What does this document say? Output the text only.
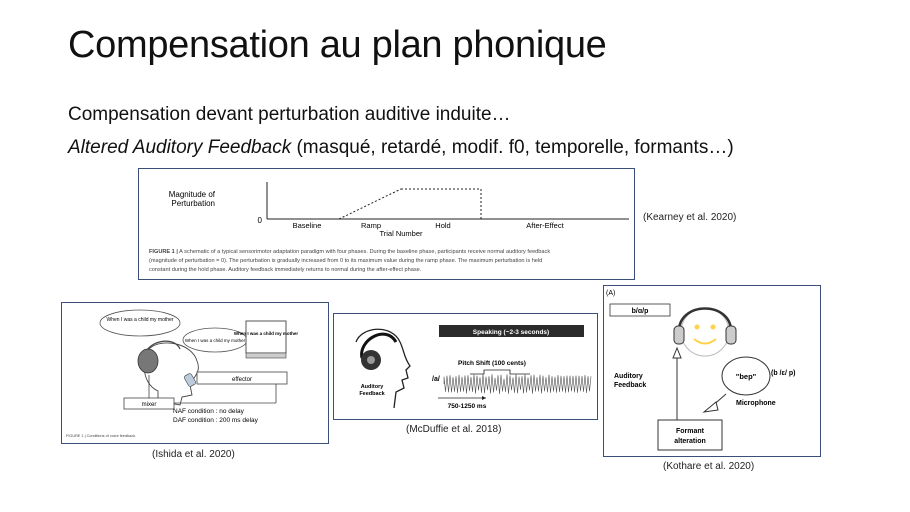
Compensation au plan phonique
Compensation devant perturbation auditive induite…
Altered Auditory Feedback (masqué, retardé, modif. f0, temporelle, formants…)
Magnitude of
Perturbation
0
Baseline	Ramp	Hold	After-Effect
Trial Number
FIGURE 1 | A schematic of a typical sensorimotor adaptation paradigm with four phases. During the baseline phase, participants receive normal auditory feedback
(magnitude of perturbation = 0). The perturbation is gradually increased from 0 to its maximum value during the ramp phase. The maximum perturbation is held
constant during the hold phase. Auditory feedback immediately returns to normal during the after-effect phase.
(Kearney et al. 2020)
When I was a child my mother
When I was a child my mother
When I was a child my mother
effector
mixer
NAF condition : no delay
DAF condition : 200 ms delay
FIGURE 1 | Conditions of voice feedback.
(Ishida et al. 2020)
Auditory
Feedback
Speaking (~2-3 seconds)
Pitch Shift (100 cents)
/a/
750-1250 ms
(McDuffie et al. 2018)
(A)
b/ɑ/p
Auditory
Feedback
"bep" (b /ɛ/ p)
Microphone
Formant
alteration
(Kothare et al. 2020)
